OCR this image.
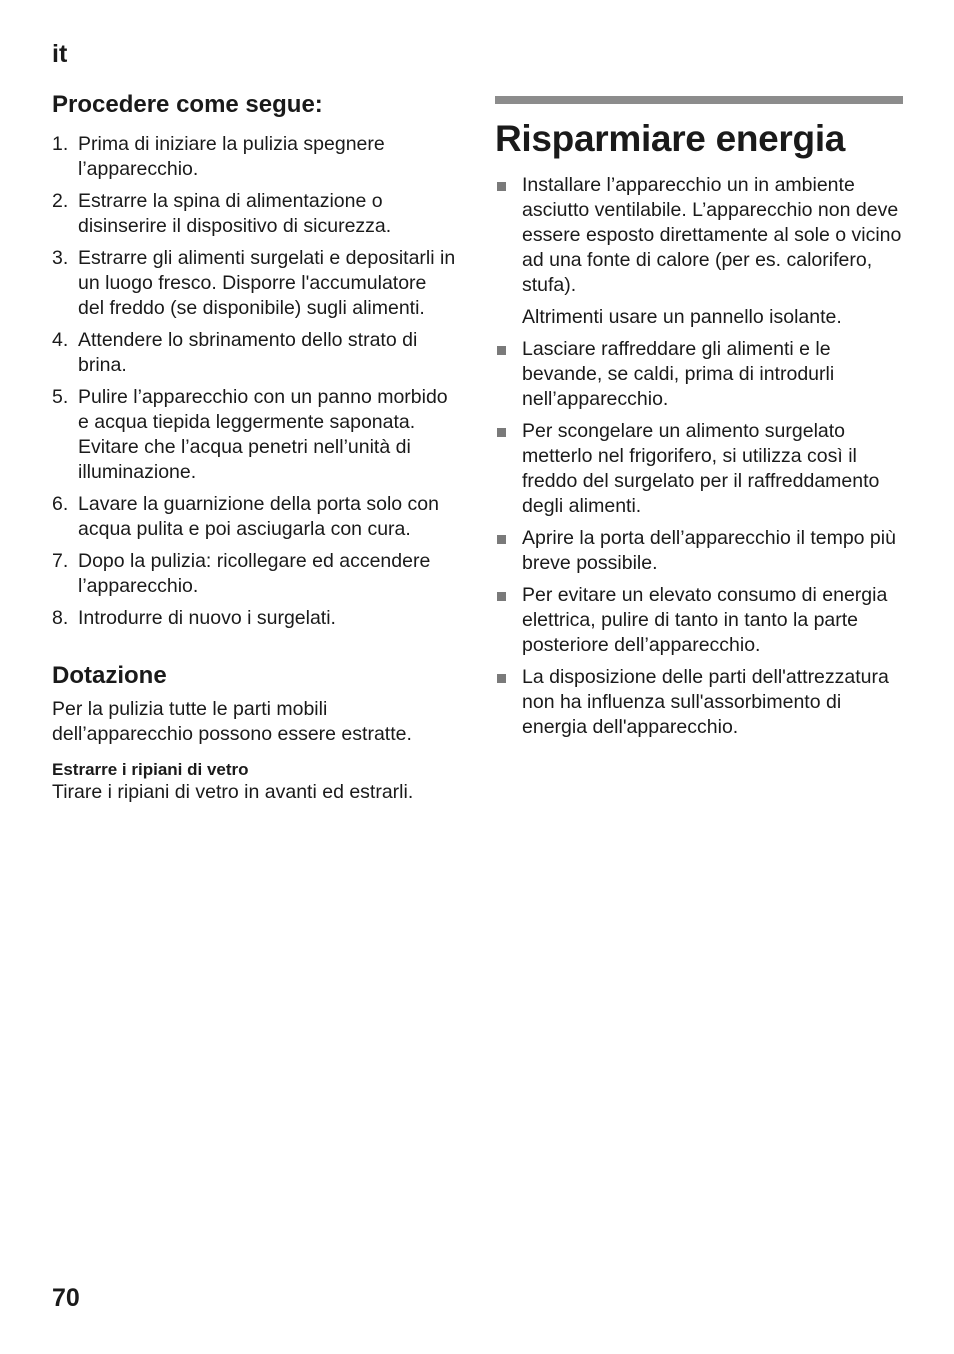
it
Procedere come segue:
1. Prima di iniziare la pulizia spegnere l’apparecchio.
2. Estrarre la spina di alimentazione o disinserire il dispositivo di sicurezza.
3. Estrarre gli alimenti surgelati e depositarli in un luogo fresco. Disporre l'accumulatore del freddo (se disponibile) sugli alimenti.
4. Attendere lo sbrinamento dello strato di brina.
5. Pulire l’apparecchio con un panno morbido e acqua tiepida leggermente saponata. Evitare che l’acqua penetri nell’unità di illuminazione.
6. Lavare la guarnizione della porta solo con acqua pulita e poi asciugarla con cura.
7. Dopo la pulizia: ricollegare ed accendere l’apparecchio.
8. Introdurre di nuovo i surgelati.
Dotazione
Per la pulizia tutte le parti mobili dell’apparecchio possono essere estratte.
Estrarre i ripiani di vetro
Tirare i ripiani di vetro in avanti ed estrarli.
Risparmiare energia
Installare l’apparecchio un in ambiente asciutto ventilabile. L’apparecchio non deve essere esposto direttamente al sole o vicino ad una fonte di calore (per es. calorifero, stufa).
Altrimenti usare un pannello isolante.
Lasciare raffreddare gli alimenti e le bevande, se caldi, prima di introdurli nell’apparecchio.
Per scongelare un alimento surgelato metterlo nel frigorifero, si utilizza così il freddo del surgelato per il raffreddamento degli alimenti.
Aprire la porta dell’apparecchio il tempo più breve possibile.
Per evitare un elevato consumo di energia elettrica, pulire di tanto in tanto la parte posteriore dell’apparecchio.
La disposizione delle parti dell'attrezzatura non ha influenza sull'assorbimento di energia dell'apparecchio.
70
